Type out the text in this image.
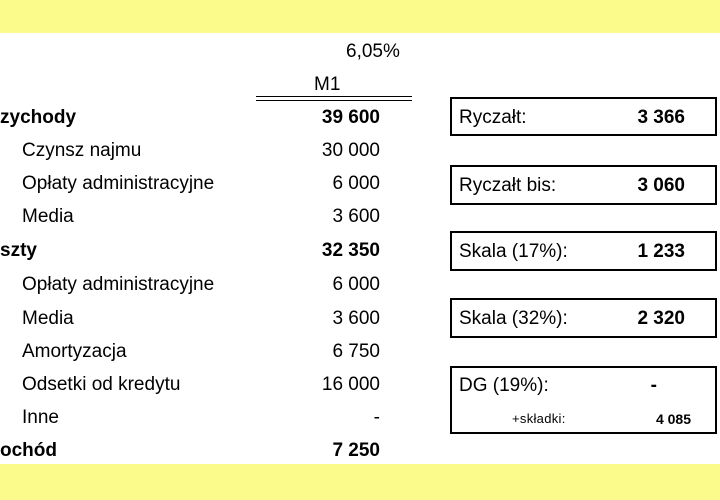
6,05%
M1
zychody	39 600
Czynsz najmu	30 000
Opłaty administracyjne	6 000
Media	3 600
szty	32 350
Opłaty administracyjne	6 000
Media	3 600
Amortyzacja	6 750
Odsetki od kredytu	16 000
Inne	-
ochód	7 250
Ryczałt:	3 366
Ryczałt bis:	3 060
Skala (17%):	1 233
Skala (32%):	2 320
DG (19%):	-
+składki:	4 085
